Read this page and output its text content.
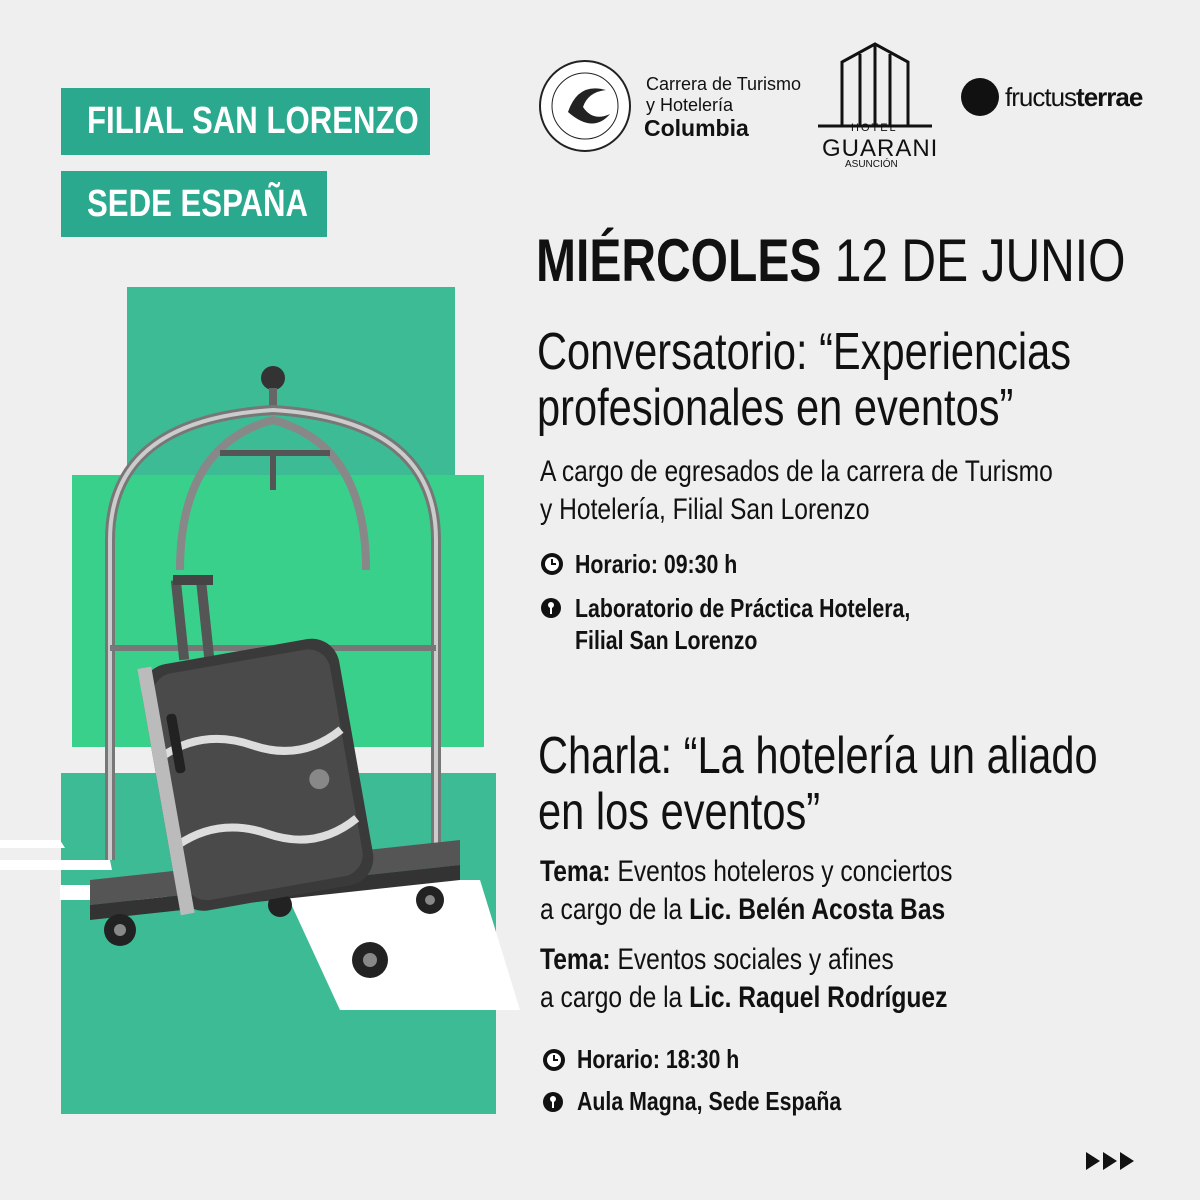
FILIAL SAN LORENZO
SEDE ESPAÑA
Carrera de Turismo
y Hotelería
Columbia	HOTEL
GUARANI
ASUNCIÓN
fructusterrae
MIÉRCOLES 12 DE JUNIO
Conversatorio: “Experiencias
profesionales en eventos”
A cargo de egresados de la carrera de Turismo
y Hotelería, Filial San Lorenzo
Horario: 09:30 h
Laboratorio de Práctica Hotelera,
Filial San Lorenzo
Charla: “La hotelería un aliado
en los eventos”
Tema: Eventos hoteleros y conciertos
a cargo de la Lic. Belén Acosta Bas
Tema: Eventos sociales y afines
a cargo de la Lic. Raquel Rodríguez
Horario: 18:30 h
Aula Magna, Sede España
